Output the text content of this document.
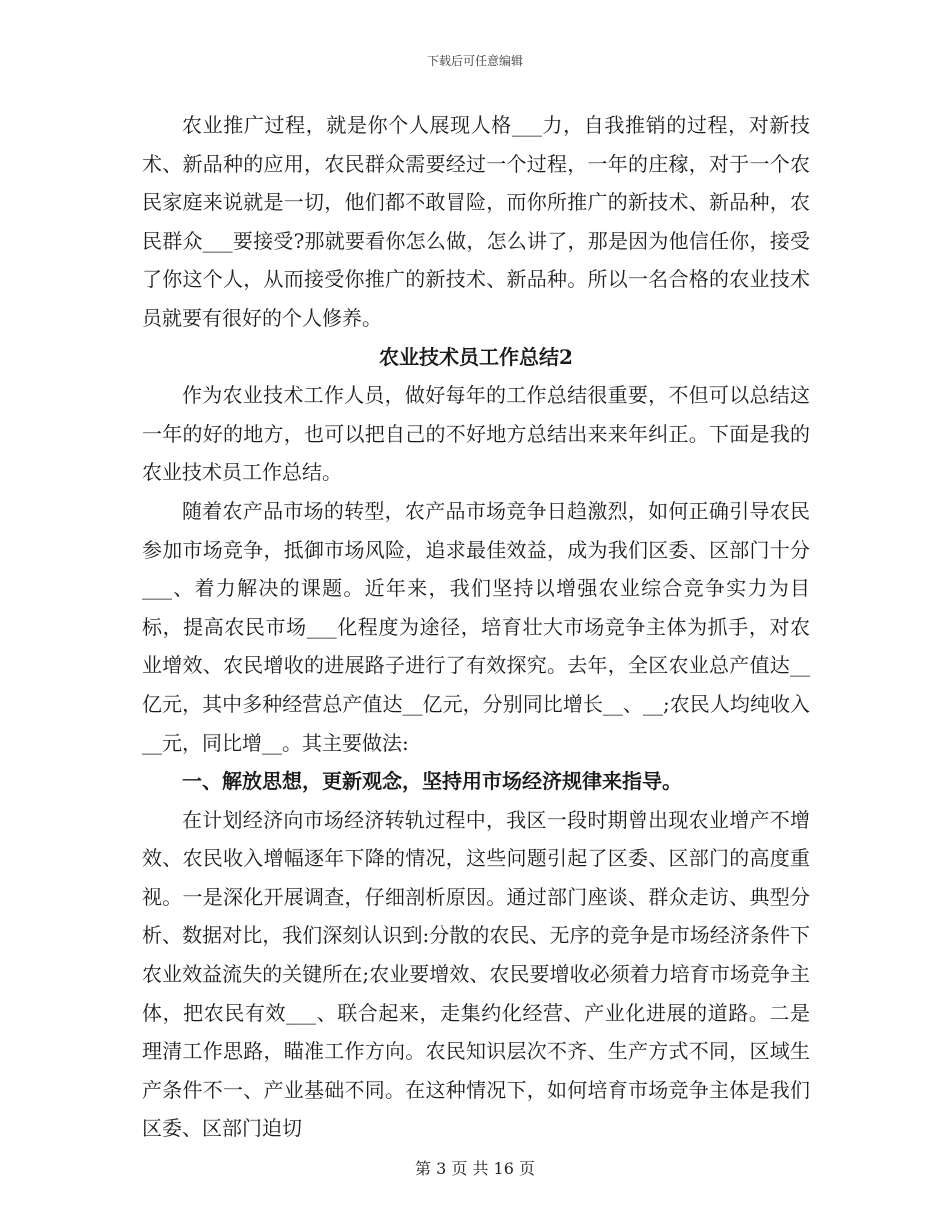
下载后可任意编辑

农业推广过程，就是你个人展现人格___力，自我推销的过程，对新技术、新品种的应用，农民群众需要经过一个过程，一年的庄稼，对于一个农民家庭来说就是一切，他们都不敢冒险，而你所推广的新技术、新品种，农民群众___要接受?那就要看你怎么做，怎么讲了，那是因为他信任你，接受了你这个人，从而接受你推广的新技术、新品种。所以一名合格的农业技术员就要有很好的个人修养。

农业技术员工作总结2

作为农业技术工作人员，做好每年的工作总结很重要，不但可以总结这一年的好的地方，也可以把自己的不好地方总结出来来年纠正。下面是我的农业技术员工作总结。

随着农产品市场的转型，农产品市场竞争日趋激烈，如何正确引导农民参加市场竞争，抵御市场风险，追求最佳效益，成为我们区委、区部门十分___、着力解决的课题。近年来，我们坚持以增强农业综合竞争实力为目标，提高农民市场___化程度为途径，培育壮大市场竞争主体为抓手，对农业增效、农民增收的进展路子进行了有效探究。去年，全区农业总产值达__亿元，其中多种经营总产值达__亿元，分别同比增长__、__;农民人均纯收入__元，同比增__。其主要做法:

一、解放思想，更新观念，坚持用市场经济规律来指导。

在计划经济向市场经济转轨过程中，我区一段时期曾出现农业增产不增效、农民收入增幅逐年下降的情况，这些问题引起了区委、区部门的高度重视。一是深化开展调查，仔细剖析原因。通过部门座谈、群众走访、典型分析、数据对比，我们深刻认识到:分散的农民、无序的竞争是市场经济条件下农业效益流失的关键所在;农业要增效、农民要增收必须着力培育市场竞争主体，把农民有效___、联合起来，走集约化经营、产业化进展的道路。二是理清工作思路，瞄准工作方向。农民知识层次不齐、生产方式不同，区域生产条件不一、产业基础不同。在这种情况下，如何培育市场竞争主体是我们区委、区部门迫切

第 3 页 共 16 页
